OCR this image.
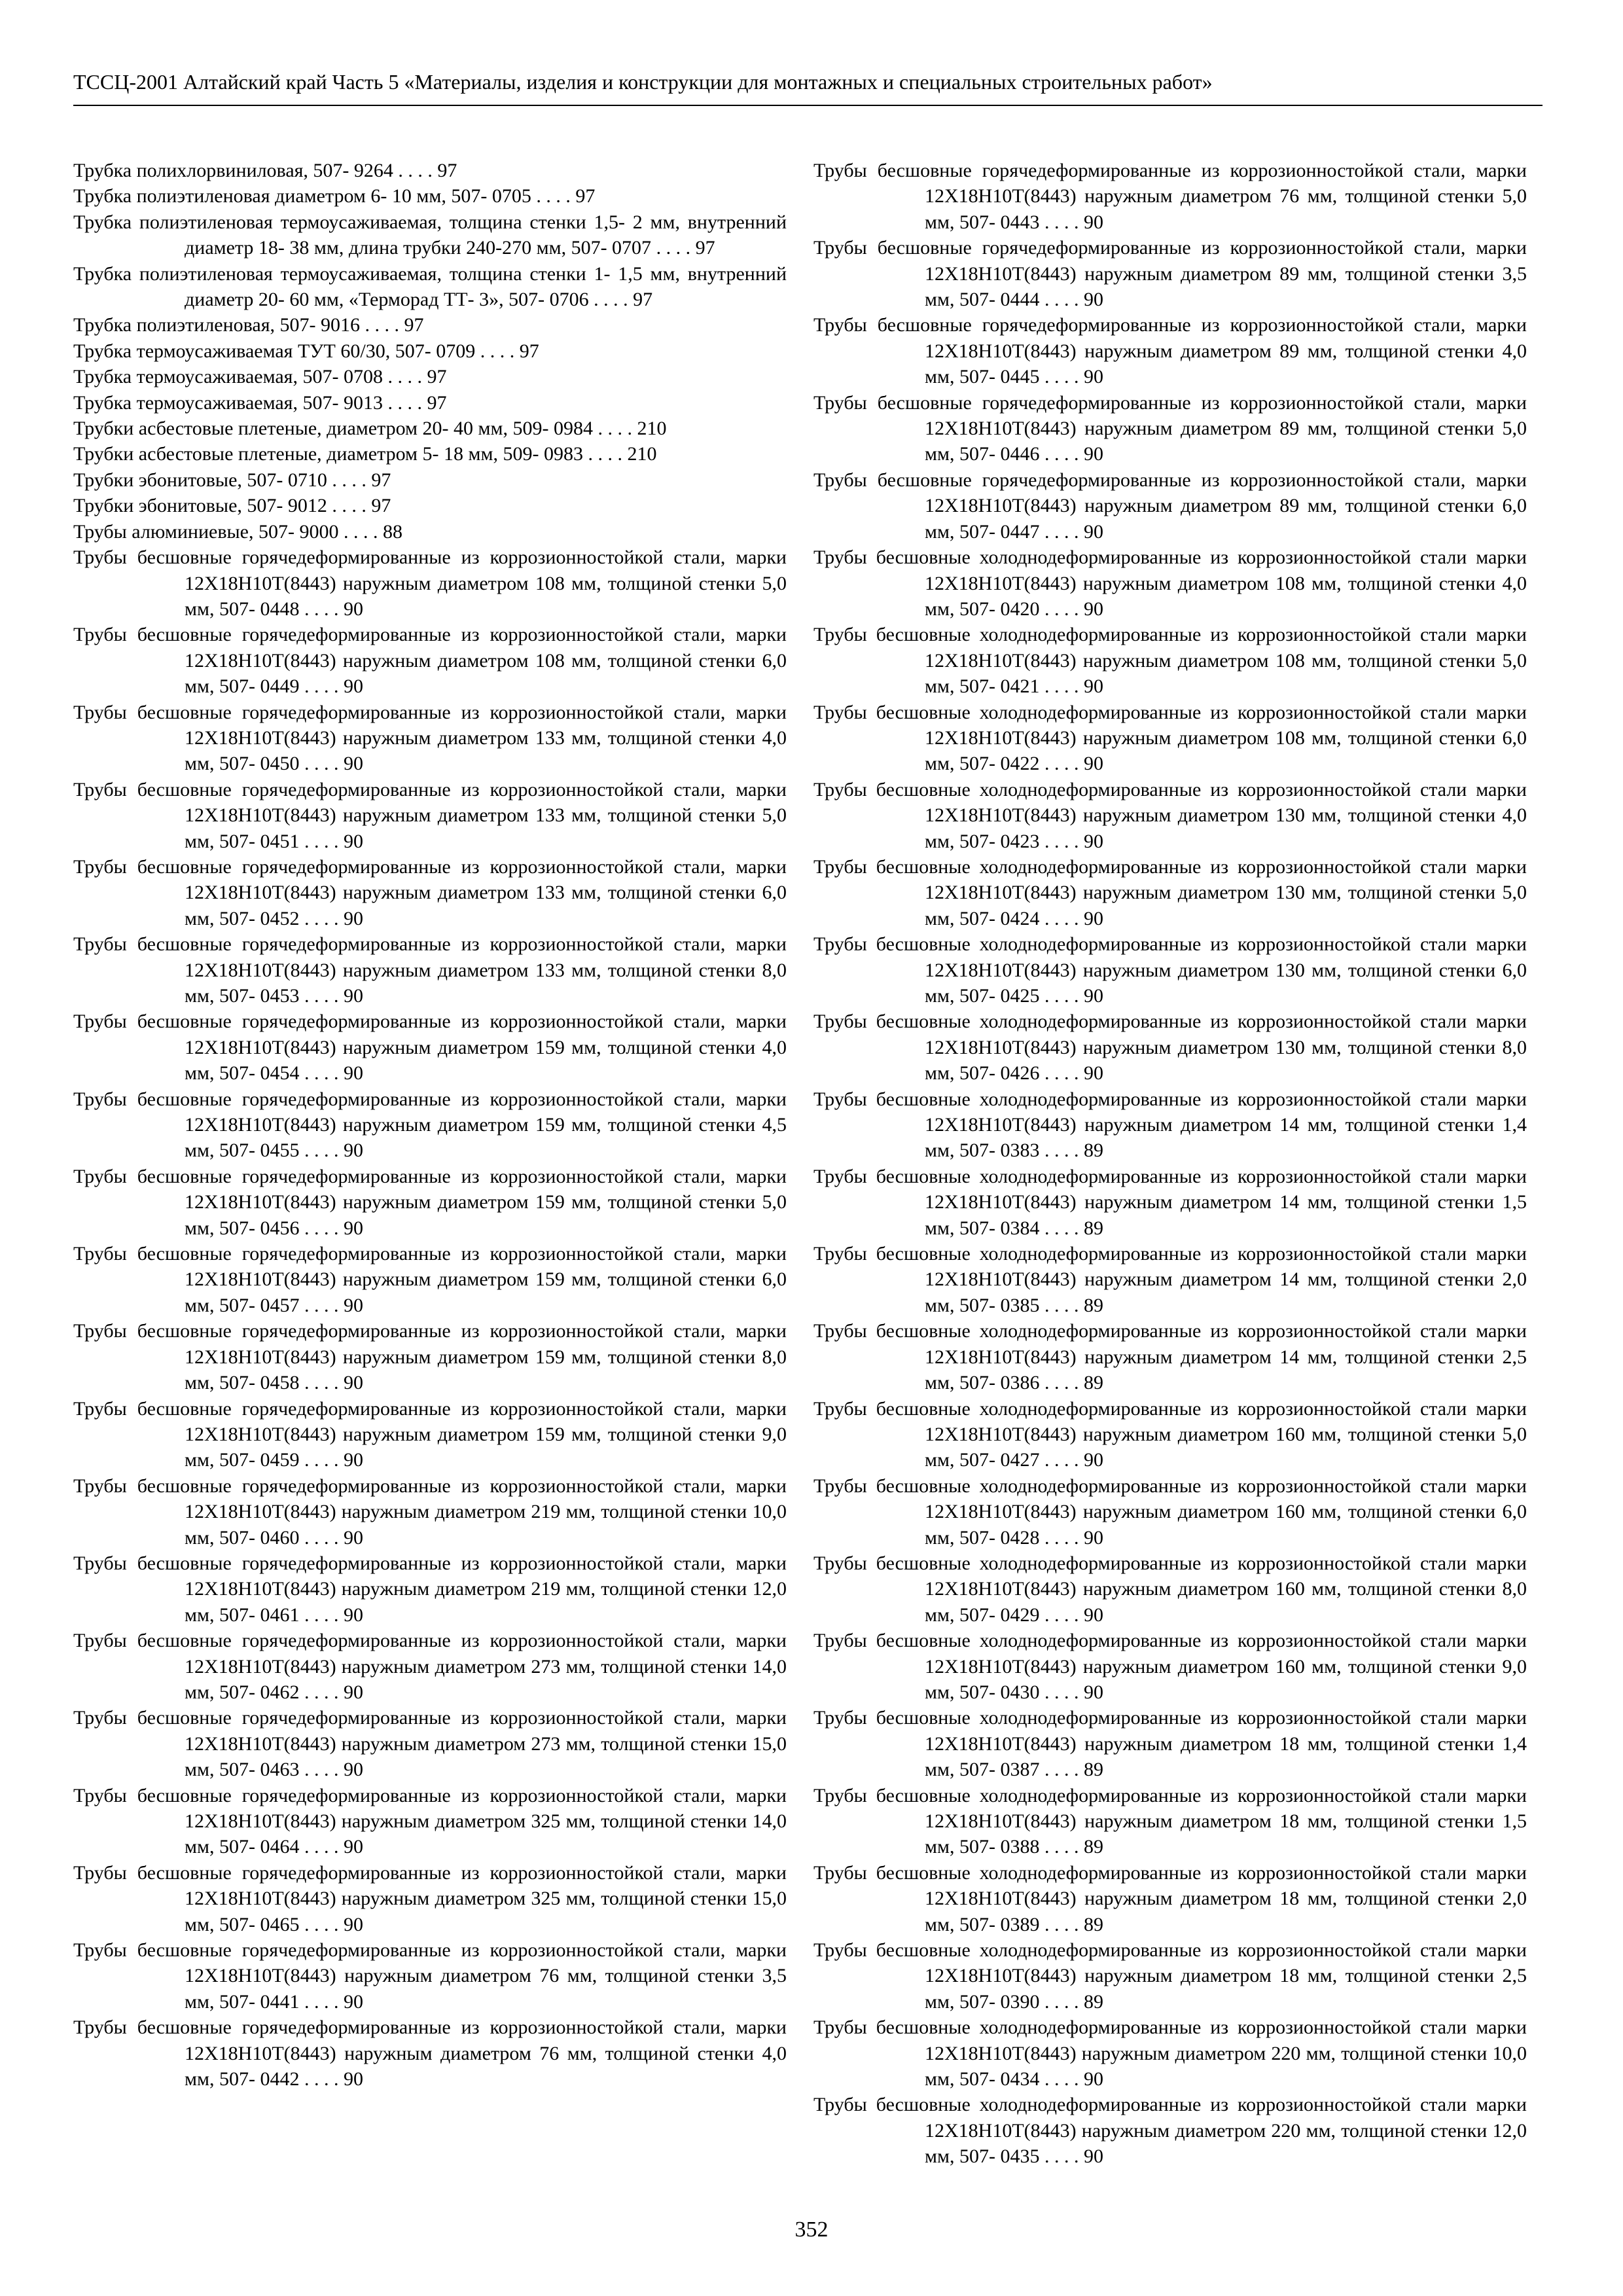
ТССЦ-2001 Алтайский край Часть 5 «Материалы, изделия и конструкции для монтажных и специальных строительных работ»
Трубка полихлорвиниловая, 507- 9264 . . . . 97
Трубка полиэтиленовая диаметром 6- 10 мм, 507- 0705 . . . . 97
Трубка полиэтиленовая термоусаживаемая, толщина стенки 1,5- 2 мм, внутренний диаметр 18- 38 мм, длина трубки 240-270 мм, 507- 0707 . . . . 97
Трубка полиэтиленовая термоусаживаемая, толщина стенки 1- 1,5 мм, внутренний диаметр 20- 60 мм, «Терморад ТТ- 3», 507- 0706 . . . . 97
Трубка полиэтиленовая, 507- 9016 . . . . 97
Трубка термоусаживаемая ТУТ 60/30, 507- 0709 . . . . 97
Трубка термоусаживаемая, 507- 0708 . . . . 97
Трубка термоусаживаемая, 507- 9013 . . . . 97
Трубки асбестовые плетеные, диаметром 20- 40 мм, 509- 0984 . . . . 210
Трубки асбестовые плетеные, диаметром 5- 18 мм, 509- 0983 . . . . 210
Трубки эбонитовые, 507- 0710 . . . . 97
Трубки эбонитовые, 507- 9012 . . . . 97
Трубы алюминиевые, 507- 9000 . . . . 88
Трубы бесшовные горячедеформированные из коррозионностойкой стали, марки 12Х18Н10Т(8443) наружным диаметром 108 мм, толщиной стенки 5,0 мм, 507- 0448 . . . . 90
Трубы бесшовные горячедеформированные из коррозионностойкой стали, марки 12Х18Н10Т(8443) наружным диаметром 108 мм, толщиной стенки 6,0 мм, 507- 0449 . . . . 90
Трубы бесшовные горячедеформированные из коррозионностойкой стали, марки 12Х18Н10Т(8443) наружным диаметром 133 мм, толщиной стенки 4,0 мм, 507- 0450 . . . . 90
Трубы бесшовные горячедеформированные из коррозионностойкой стали, марки 12Х18Н10Т(8443) наружным диаметром 133 мм, толщиной стенки 5,0 мм, 507- 0451 . . . . 90
Трубы бесшовные горячедеформированные из коррозионностойкой стали, марки 12Х18Н10Т(8443) наружным диаметром 133 мм, толщиной стенки 6,0 мм, 507- 0452 . . . . 90
Трубы бесшовные горячедеформированные из коррозионностойкой стали, марки 12Х18Н10Т(8443) наружным диаметром 133 мм, толщиной стенки 8,0 мм, 507- 0453 . . . . 90
Трубы бесшовные горячедеформированные из коррозионностойкой стали, марки 12Х18Н10Т(8443) наружным диаметром 159 мм, толщиной стенки 4,0 мм, 507- 0454 . . . . 90
Трубы бесшовные горячедеформированные из коррозионностойкой стали, марки 12Х18Н10Т(8443) наружным диаметром 159 мм, толщиной стенки 4,5 мм, 507- 0455 . . . . 90
Трубы бесшовные горячедеформированные из коррозионностойкой стали, марки 12Х18Н10Т(8443) наружным диаметром 159 мм, толщиной стенки 5,0 мм, 507- 0456 . . . . 90
Трубы бесшовные горячедеформированные из коррозионностойкой стали, марки 12Х18Н10Т(8443) наружным диаметром 159 мм, толщиной стенки 6,0 мм, 507- 0457 . . . . 90
Трубы бесшовные горячедеформированные из коррозионностойкой стали, марки 12Х18Н10Т(8443) наружным диаметром 159 мм, толщиной стенки 8,0 мм, 507- 0458 . . . . 90
Трубы бесшовные горячедеформированные из коррозионностойкой стали, марки 12Х18Н10Т(8443) наружным диаметром 159 мм, толщиной стенки 9,0 мм, 507- 0459 . . . . 90
Трубы бесшовные горячедеформированные из коррозионностойкой стали, марки 12Х18Н10Т(8443) наружным диаметром 219 мм, толщиной стенки 10,0 мм, 507- 0460 . . . . 90
Трубы бесшовные горячедеформированные из коррозионностойкой стали, марки 12Х18Н10Т(8443) наружным диаметром 219 мм, толщиной стенки 12,0 мм, 507- 0461 . . . . 90
Трубы бесшовные горячедеформированные из коррозионностойкой стали, марки 12Х18Н10Т(8443) наружным диаметром 273 мм, толщиной стенки 14,0 мм, 507- 0462 . . . . 90
Трубы бесшовные горячедеформированные из коррозионностойкой стали, марки 12Х18Н10Т(8443) наружным диаметром 273 мм, толщиной стенки 15,0 мм, 507- 0463 . . . . 90
Трубы бесшовные горячедеформированные из коррозионностойкой стали, марки 12Х18Н10Т(8443) наружным диаметром 325 мм, толщиной стенки 14,0 мм, 507- 0464 . . . . 90
Трубы бесшовные горячедеформированные из коррозионностойкой стали, марки 12Х18Н10Т(8443) наружным диаметром 325 мм, толщиной стенки 15,0 мм, 507- 0465 . . . . 90
Трубы бесшовные горячедеформированные из коррозионностойкой стали, марки 12Х18Н10Т(8443) наружным диаметром 76 мм, толщиной стенки 3,5 мм, 507- 0441 . . . . 90
Трубы бесшовные горячедеформированные из коррозионностойкой стали, марки 12Х18Н10Т(8443) наружным диаметром 76 мм, толщиной стенки 4,0 мм, 507- 0442 . . . . 90
Трубы бесшовные горячедеформированные из коррозионностойкой стали, марки 12Х18Н10Т(8443) наружным диаметром 76 мм, толщиной стенки 5,0 мм, 507- 0443 . . . . 90
Трубы бесшовные горячедеформированные из коррозионностойкой стали, марки 12Х18Н10Т(8443) наружным диаметром 89 мм, толщиной стенки 3,5 мм, 507- 0444 . . . . 90
Трубы бесшовные горячедеформированные из коррозионностойкой стали, марки 12Х18Н10Т(8443) наружным диаметром 89 мм, толщиной стенки 4,0 мм, 507- 0445 . . . . 90
Трубы бесшовные горячедеформированные из коррозионностойкой стали, марки 12Х18Н10Т(8443) наружным диаметром 89 мм, толщиной стенки 5,0 мм, 507- 0446 . . . . 90
Трубы бесшовные горячедеформированные из коррозионностойкой стали, марки 12Х18Н10Т(8443) наружным диаметром 89 мм, толщиной стенки 6,0 мм, 507- 0447 . . . . 90
Трубы бесшовные холоднодеформированные из коррозионностойкой стали марки 12Х18Н10Т(8443) наружным диаметром 108 мм, толщиной стенки 4,0 мм, 507- 0420 . . . . 90
Трубы бесшовные холоднодеформированные из коррозионностойкой стали марки 12Х18Н10Т(8443) наружным диаметром 108 мм, толщиной стенки 5,0 мм, 507- 0421 . . . . 90
Трубы бесшовные холоднодеформированные из коррозионностойкой стали марки 12Х18Н10Т(8443) наружным диаметром 108 мм, толщиной стенки 6,0 мм, 507- 0422 . . . . 90
Трубы бесшовные холоднодеформированные из коррозионностойкой стали марки 12Х18Н10Т(8443) наружным диаметром 130 мм, толщиной стенки 4,0 мм, 507- 0423 . . . . 90
Трубы бесшовные холоднодеформированные из коррозионностойкой стали марки 12Х18Н10Т(8443) наружным диаметром 130 мм, толщиной стенки 5,0 мм, 507- 0424 . . . . 90
Трубы бесшовные холоднодеформированные из коррозионностойкой стали марки 12Х18Н10Т(8443) наружным диаметром 130 мм, толщиной стенки 6,0 мм, 507- 0425 . . . . 90
Трубы бесшовные холоднодеформированные из коррозионностойкой стали марки 12Х18Н10Т(8443) наружным диаметром 130 мм, толщиной стенки 8,0 мм, 507- 0426 . . . . 90
Трубы бесшовные холоднодеформированные из коррозионностойкой стали марки 12Х18Н10Т(8443) наружным диаметром 14 мм, толщиной стенки 1,4 мм, 507- 0383 . . . . 89
Трубы бесшовные холоднодеформированные из коррозионностойкой стали марки 12Х18Н10Т(8443) наружным диаметром 14 мм, толщиной стенки 1,5 мм, 507- 0384 . . . . 89
Трубы бесшовные холоднодеформированные из коррозионностойкой стали марки 12Х18Н10Т(8443) наружным диаметром 14 мм, толщиной стенки 2,0 мм, 507- 0385 . . . . 89
Трубы бесшовные холоднодеформированные из коррозионностойкой стали марки 12Х18Н10Т(8443) наружным диаметром 14 мм, толщиной стенки 2,5 мм, 507- 0386 . . . . 89
Трубы бесшовные холоднодеформированные из коррозионностойкой стали марки 12Х18Н10Т(8443) наружным диаметром 160 мм, толщиной стенки 5,0 мм, 507- 0427 . . . . 90
Трубы бесшовные холоднодеформированные из коррозионностойкой стали марки 12Х18Н10Т(8443) наружным диаметром 160 мм, толщиной стенки 6,0 мм, 507- 0428 . . . . 90
Трубы бесшовные холоднодеформированные из коррозионностойкой стали марки 12Х18Н10Т(8443) наружным диаметром 160 мм, толщиной стенки 8,0 мм, 507- 0429 . . . . 90
Трубы бесшовные холоднодеформированные из коррозионностойкой стали марки 12Х18Н10Т(8443) наружным диаметром 160 мм, толщиной стенки 9,0 мм, 507- 0430 . . . . 90
Трубы бесшовные холоднодеформированные из коррозионностойкой стали марки 12Х18Н10Т(8443) наружным диаметром 18 мм, толщиной стенки 1,4 мм, 507- 0387 . . . . 89
Трубы бесшовные холоднодеформированные из коррозионностойкой стали марки 12Х18Н10Т(8443) наружным диаметром 18 мм, толщиной стенки 1,5 мм, 507- 0388 . . . . 89
Трубы бесшовные холоднодеформированные из коррозионностойкой стали марки 12Х18Н10Т(8443) наружным диаметром 18 мм, толщиной стенки 2,0 мм, 507- 0389 . . . . 89
Трубы бесшовные холоднодеформированные из коррозионностойкой стали марки 12Х18Н10Т(8443) наружным диаметром 18 мм, толщиной стенки 2,5 мм, 507- 0390 . . . . 89
Трубы бесшовные холоднодеформированные из коррозионностойкой стали марки 12Х18Н10Т(8443) наружным диаметром 220 мм, толщиной стенки 10,0 мм, 507- 0434 . . . . 90
Трубы бесшовные холоднодеформированные из коррозионностойкой стали марки 12Х18Н10Т(8443) наружным диаметром 220 мм, толщиной стенки 12,0 мм, 507- 0435 . . . . 90
352
